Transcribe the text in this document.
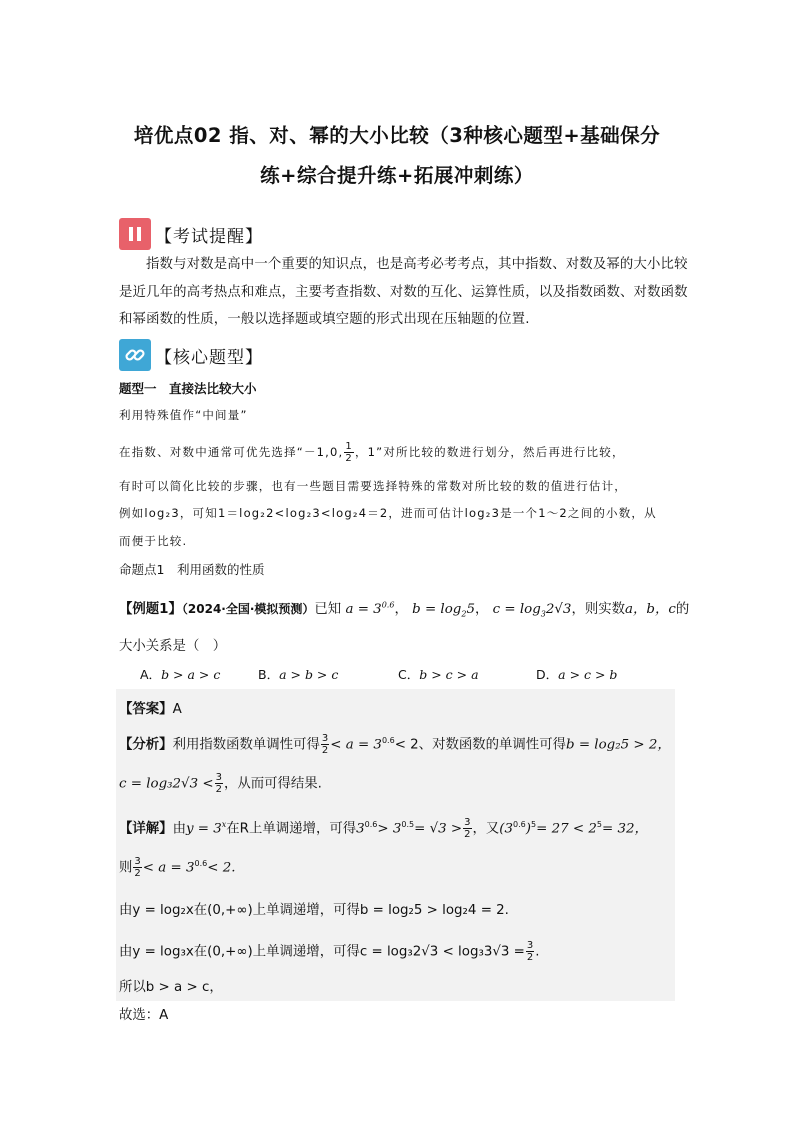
培优点02 指、对、幂的大小比较（3种核心题型+基础保分
练+综合提升练+拓展冲刺练）
【考试提醒】
指数与对数是高中一个重要的知识点，也是高考必考考点，其中指数、对数及幂的大小比较是近几年的高考热点和难点，主要考查指数、对数的互化、运算性质，以及指数函数、对数函数和幂函数的性质，一般以选择题或填空题的形式出现在压轴题的位置.
【核心题型】
题型一　直接法比较大小
利用特殊值作“中间量”
在指数、对数中通常可优先选择“－1,0, $\frac{1}{2}$ ，1”对所比较的数进行划分，然后再进行比较，
有时可以简化比较的步骤，也有一些题目需要选择特殊的常数对所比较的数的值进行估计，
例如log₂3，可知1＝log₂2<log₂3<log₂4＝2，进而可估计log₂3是一个1～2之间的小数，从
而便于比较.
命题点1　利用函数的性质
【例题1】（2024·全国·模拟预测）已知 $a = 3^{0.6}$， $b = \log_25$， $c = \log_32√3$，则实数a，b，c的
大小关系是（　）
A．b > a > c	B．a > b > c	C．b > c > a	D．a > c > b
【答案】A
【分析】利用指数函数单调性可得 $\frac{3}{2} < a = 3^{0.6}< 2$、对数函数的单调性可得b = log₂5 > 2，
$c = \log_32√3 < \frac{3}{2}$ ，从而可得结果.
【详解】由$y = 3^x$在R上单调递增，可得$3^{0.6}> 3^{0.5}= √3 > \frac{3}{2}$ ，又$(3^{0.6})^5= 27 < 2^5= 32$，
则 $\frac{3}{2} < a = 3^{0.6}< 2$.
由y = log₂x在(0,+∞)上单调递增，可得b = log₂5 > log₂4 = 2.
由y = log₃x在(0,+∞)上单调递增，可得$c = \log_32√3 < \log_33√3 = \frac{3}{2}$ .
所以b > a > c，
故选：A
